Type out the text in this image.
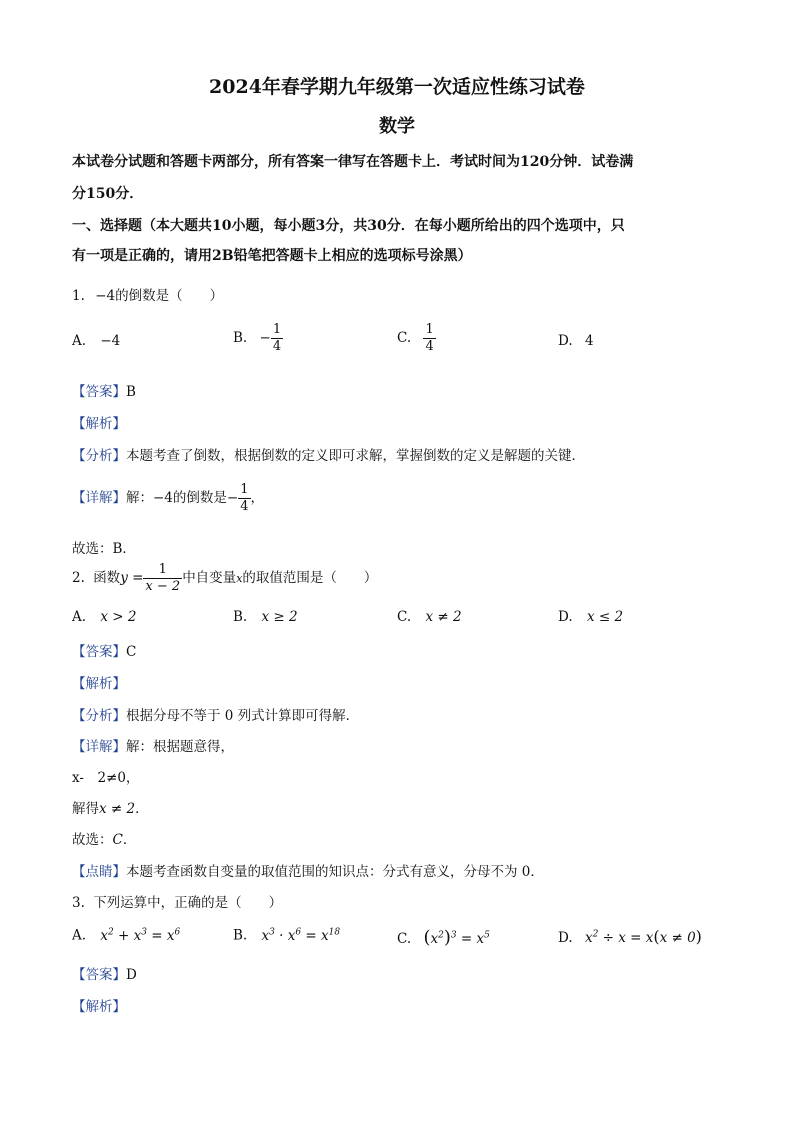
2024年春学期九年级第一次适应性练习试卷
数学
本试卷分试题和答题卡两部分，所有答案一律写在答题卡上．考试时间为120分钟．试卷满
分150分．
一、选择题（本大题共10小题，每小题3分，共30分．在每小题所给出的四个选项中，只
有一项是正确的，请用2B铅笔把答题卡上相应的选项标号涂黑）
1. −4的倒数是（　　）
A. −4	B. − $\frac{1}{4}$	C. $\frac{1}{4}$	D. 4
【答案】B
【解析】
【分析】本题考查了倒数，根据倒数的定义即可求解，掌握倒数的定义是解题的关键．
【详解】解：−4的倒数是− $\frac{1}{4}$ ，
故选：B．
2. 函数$y = \frac{1}{x - 2}$ 中自变量x的取值范围是（　　）
A. x > 2	B. x ≥ 2	C. x ≠ 2	D. x ≤ 2
【答案】C
【解析】
【分析】根据分母不等于 0 列式计算即可得解．
【详解】解：根据题意得，
x-　2≠0，
解得x ≠ 2．
故选：C．
【点睛】本题考查函数自变量的取值范围的知识点：分式有意义，分母不为 0．
3. 下列运算中，正确的是（　　）
A. $x^2 + x^3 = x^6$	B. $x^3 \cdot x^6 = x^{18}$	C. $(x^2)^3 = x^5$	D. $x^2 \div x = x(x \ne 0)$
【答案】D
【解析】
